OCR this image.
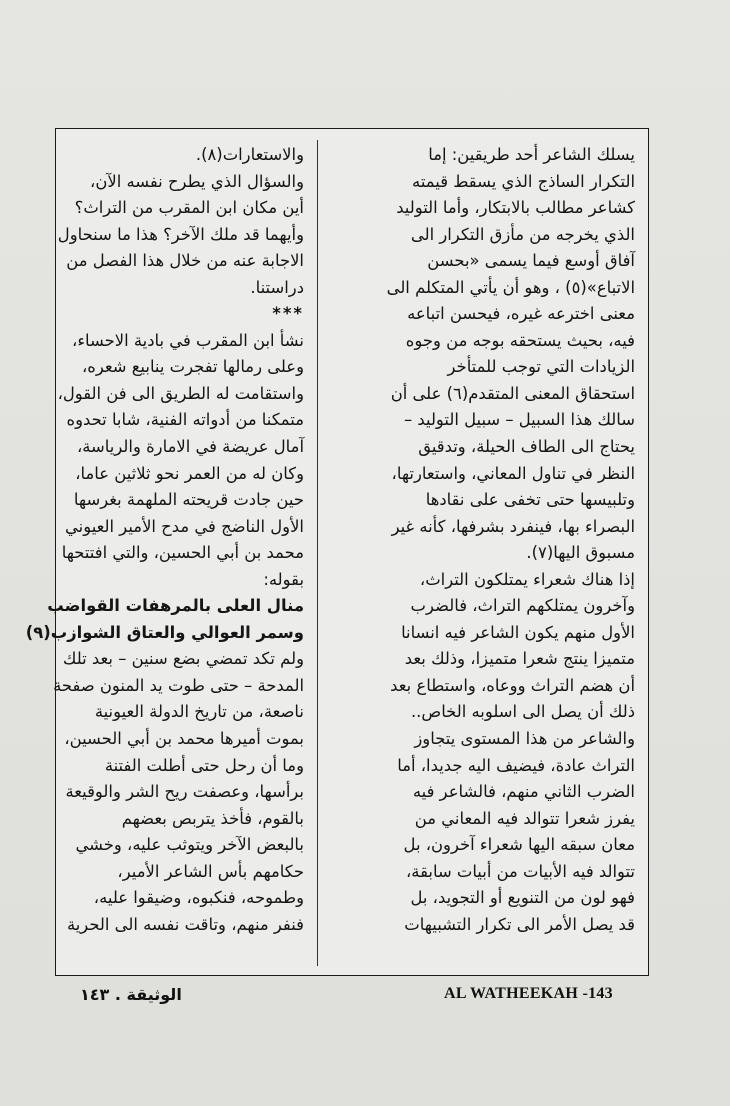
يسلك الشاعر أحد طريقين: إما
التكرار الساذج الذي يسقط قيمته
كشاعر مطالب بالابتكار، وأما التوليد
الذي يخرجه من مأزق التكرار الى
آفاق أوسع فيما يسمى «بحسن
الاتباع»(٥) ، وهو أن يأتي المتكلم الى
معنى اخترعه غيره، فيحسن اتباعه
فيه، بحيث يستحقه بوجه من وجوه
الزيادات التي توجب للمتأخر
استحقاق المعنى المتقدم(٦) على أن
سالك هذا السبيل – سبيل التوليد –
يحتاج الى الطاف الحيلة، وتدقيق
النظر في تناول المعاني، واستعارتها،
وتلبيسها حتى تخفى على نقادها
البصراء بها، فينفرد بشرفها، كأنه غير
مسبوق اليها(٧).
إذا هناك شعراء يمتلكون التراث،
وآخرون يمتلكهم التراث، فالضرب
الأول منهم يكون الشاعر فيه انسانا
متميزا ينتج شعرا متميزا، وذلك بعد
أن هضم التراث ووعاه، واستطاع بعد
ذلك أن يصل الى اسلوبه الخاص..
والشاعر من هذا المستوى يتجاوز
التراث عادة، فيضيف اليه جديدا، أما
الضرب الثاني منهم، فالشاعر فيه
يفرز شعرا تتوالد فيه المعاني من
معان سبقه اليها شعراء آخرون، بل
تتوالد فيه الأبيات من أبيات سابقة،
فهو لون من التنويع أو التجويد، بل
قد يصل الأمر الى تكرار التشبيهات
والاستعارات(٨).
والسؤال الذي يطرح نفسه الآن،
أين مكان ابن المقرب من التراث؟
وأيهما قد ملك الآخر؟ هذا ما سنحاول
الاجابة عنه من خلال هذا الفصل من
دراستنا.
***
نشأ ابن المقرب في بادية الاحساء،
وعلى رمالها تفجرت ينابيع شعره،
واستقامت له الطريق الى فن القول،
متمكنا من أدواته الفنية، شابا تحدوه
آمال عريضة في الامارة والرياسة،
وكان له من العمر نحو ثلاثين عاما،
حين جادت قريحته الملهمة بغرسها
الأول الناضج في مدح الأمير العيوني
محمد بن أبي الحسين، والتي افتتحها
بقوله:
منال العلى بالمرهفات القواضب
وسمر العوالي والعتاق الشوازب(٩)
ولم تكد تمضي بضع سنين – بعد تلك
المدحة – حتى طوت يد المنون صفحة
ناصعة، من تاريخ الدولة العيونية
بموت أميرها محمد بن أبي الحسين،
وما أن رحل حتى أطلت الفتنة
برأسها، وعصفت ريح الشر والوقيعة
بالقوم، فأخذ يتربص بعضهم
بالبعض الآخر ويتوثب عليه، وخشي
حكامهم بأس الشاعر الأمير،
وطموحه، فنكبوه، وضيقوا عليه،
فنفر منهم، وتاقت نفسه الى الحرية
الوثيقة . ١٤٣	AL WATHEEKAH -143
